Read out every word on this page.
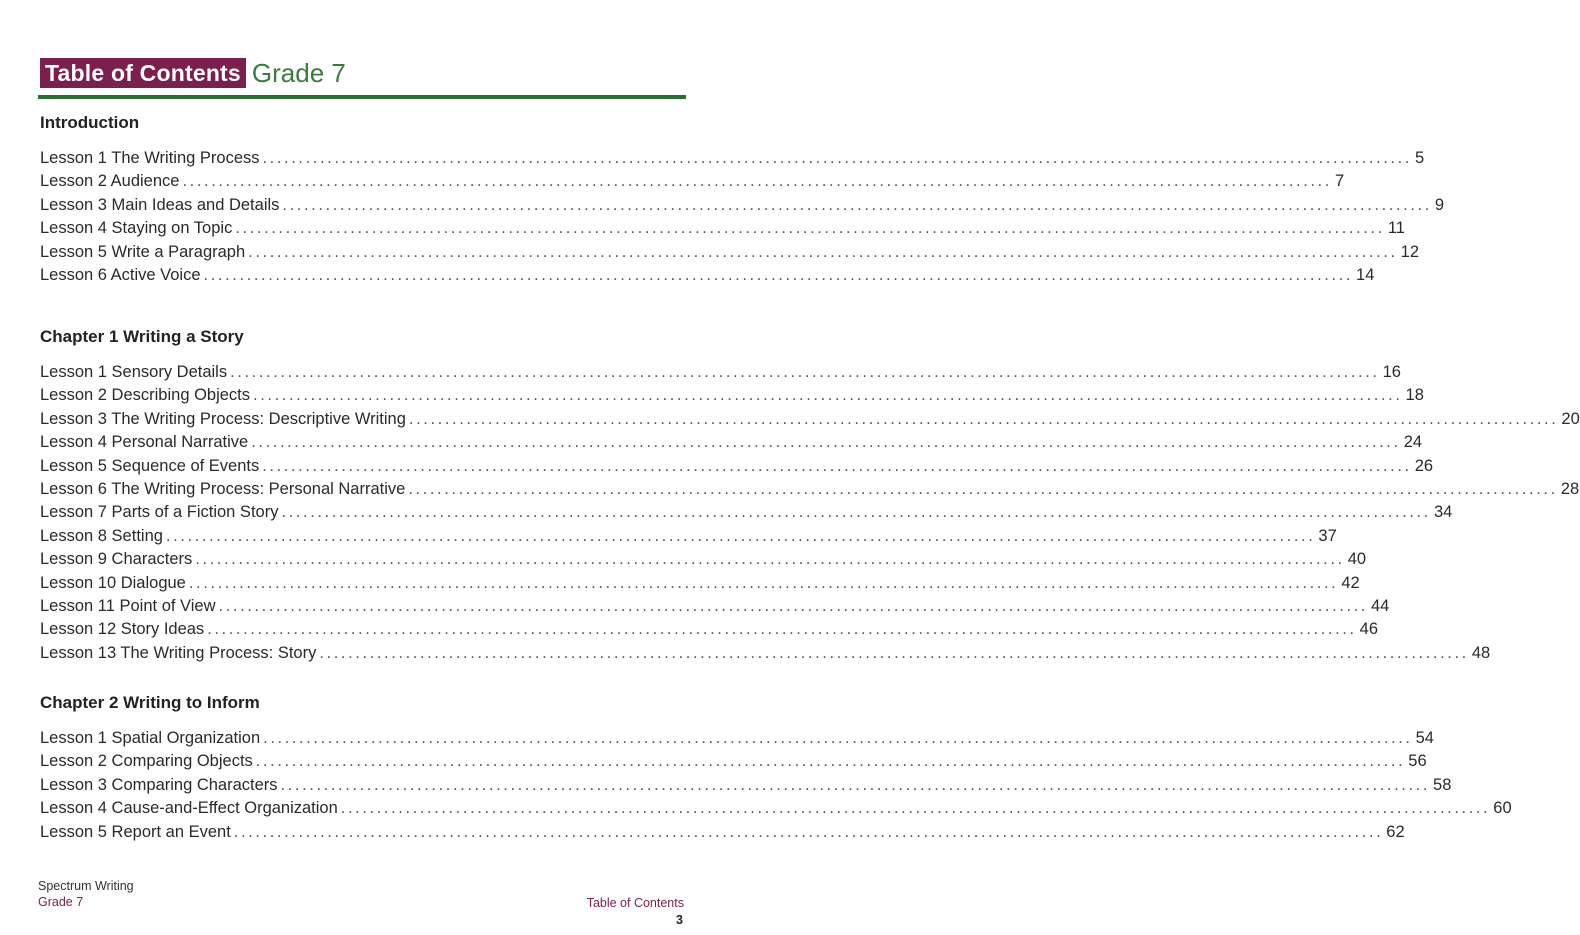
Table of Contents Grade 7
Introduction
Lesson 1 The Writing Process ................................................................................................................................................................ 5
Lesson 2 Audience ................................................................................................................................................................ 7
Lesson 3 Main Ideas and Details ................................................................................................................................................................ 9
Lesson 4 Staying on Topic ................................................................................................................................................................ 11
Lesson 5 Write a Paragraph ................................................................................................................................................................ 12
Lesson 6 Active Voice ................................................................................................................................................................ 14
Chapter 1 Writing a Story
Lesson 1 Sensory Details ................................................................................................................................................................ 16
Lesson 2 Describing Objects ................................................................................................................................................................ 18
Lesson 3 The Writing Process: Descriptive Writing ................................................................................................................................................................ 20
Lesson 4 Personal Narrative ................................................................................................................................................................ 24
Lesson 5 Sequence of Events ................................................................................................................................................................ 26
Lesson 6 The Writing Process: Personal Narrative ................................................................................................................................................................ 28
Lesson 7 Parts of a Fiction Story ................................................................................................................................................................ 34
Lesson 8 Setting ................................................................................................................................................................ 37
Lesson 9 Characters ................................................................................................................................................................ 40
Lesson 10 Dialogue ................................................................................................................................................................ 42
Lesson 11 Point of View ................................................................................................................................................................ 44
Lesson 12 Story Ideas ................................................................................................................................................................ 46
Lesson 13 The Writing Process: Story ................................................................................................................................................................ 48
Chapter 2 Writing to Inform
Lesson 1 Spatial Organization ................................................................................................................................................................ 54
Lesson 2 Comparing Objects ................................................................................................................................................................ 56
Lesson 3 Comparing Characters ................................................................................................................................................................ 58
Lesson 4 Cause-and-Effect Organization ................................................................................................................................................................ 60
Lesson 5 Report an Event ................................................................................................................................................................ 62
Spectrum Writing
Grade 7	Table of Contents
3
